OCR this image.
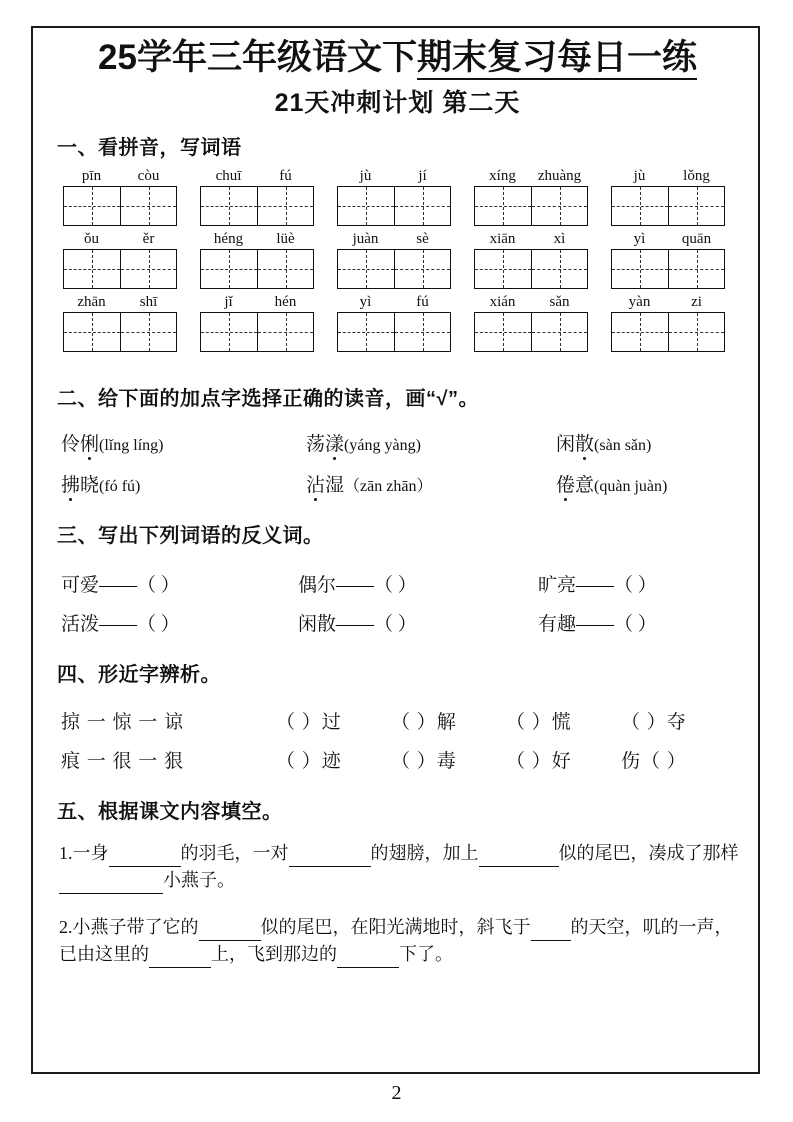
25学年三年级语文下期末复习每日一练
21天冲刺计划 第二天
一、看拼音，写词语
pīn	còu	chuī	fú	jù	jí	xíng	zhuàng	jù	lǒng
ǒu	ěr	héng	lüè	juàn	sè	xiān	xì	yì	quān
zhān	shī	jǐ	hén	yì	fú	xián	sǎn	yàn	zi
二、给下面的加点字选择正确的读音，画“√”。
伶俐(lǐng líng)	荡漾(yáng yàng)	闲散(sàn sǎn)
拂晓(fó fú)	沾湿（zān zhān）	倦意(quàn juàn)
三、写出下列词语的反义词。
可爱——（ ）	偶尔——（ ）	旷亮——（ ）
活泼——（ ）	闲散——（ ）	有趣——（ ）
四、形近字辨析。
掠 一 惊 一 谅	（ ）过	（ ）解	（ ）慌	（ ）夺
痕 一 很 一 狠	（ ）迹	（ ）毒	（ ）好	伤（ ）
五、根据课文内容填空。
1.一身	的羽毛，一对	的翅膀，加上	似的尾巴，凑成了那样小燕子。
2.小燕子带了它的	似的尾巴，在阳光满地时，斜飞于 的天空，叽的一声，已由这里的	上，飞到那边的	下了。
2
